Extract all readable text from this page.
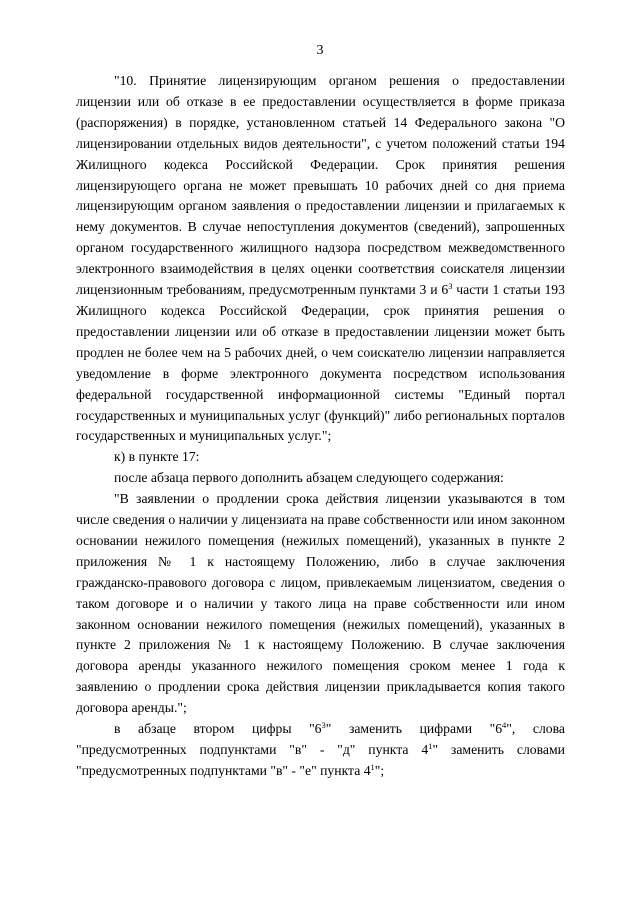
3

"10. Принятие лицензирующим органом решения о предоставлении лицензии или об отказе в ее предоставлении осуществляется в форме приказа (распоряжения) в порядке, установленном статьей 14 Федерального закона "О лицензировании отдельных видов деятельности", с учетом положений статьи 194 Жилищного кодекса Российской Федерации. Срок принятия решения лицензирующего органа не может превышать 10 рабочих дней со дня приема лицензирующим органом заявления о предоставлении лицензии и прилагаемых к нему документов. В случае непоступления документов (сведений), запрошенных органом государственного жилищного надзора посредством межведомственного электронного взаимодействия в целях оценки соответствия соискателя лицензии лицензионным требованиям, предусмотренным пунктами 3 и $6^3$ части 1 статьи 193 Жилищного кодекса Российской Федерации, срок принятия решения о предоставлении лицензии или об отказе в предоставлении лицензии может быть продлен не более чем на 5 рабочих дней, о чем соискателю лицензии направляется уведомление в форме электронного документа посредством использования федеральной государственной информационной системы "Единый портал государственных и муниципальных услуг (функций)" либо региональных порталов государственных и муниципальных услуг.";

к) в пункте 17:

после абзаца первого дополнить абзацем следующего содержания:

"В заявлении о продлении срока действия лицензии указываются в том числе сведения о наличии у лицензиата на праве собственности или ином законном основании нежилого помещения (нежилых помещений), указанных в пункте 2 приложения № 1 к настоящему Положению, либо в случае заключения гражданско-правового договора с лицом, привлекаемым лицензиатом, сведения о таком договоре и о наличии у такого лица на праве собственности или ином законном основании нежилого помещения (нежилых помещений), указанных в пункте 2 приложения № 1 к настоящему Положению. В случае заключения договора аренды указанного нежилого помещения сроком менее 1 года к заявлению о продлении срока действия лицензии прикладывается копия такого договора аренды.";

в абзаце втором цифры "$6^3$" заменить цифрами "$6^4$", слова "предусмотренных подпунктами "в" - "д" пункта $4^1$" заменить словами "предусмотренных подпунктами "в" - "е" пункта $4^1$";
